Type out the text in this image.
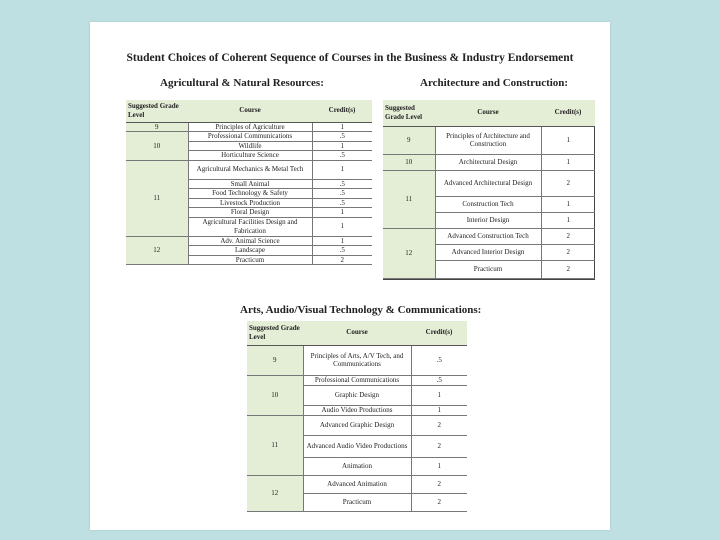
Student Choices of Coherent Sequence of Courses in the Business & Industry Endorsement
Agricultural & Natural Resources:	Architecture and Construction:
Arts, Audio/Visual Technology & Communications:
Suggested Grade Level	Course	Credit(s)
9	Principles of Agriculture	1
10	Professional Communications	.5
	Wildlife	1
	Horticulture Science	.5
11	Agricultural Mechanics & Metal Tech	1
	Small Animal	.5
	Food Technology & Safety	.5
	Livestock Production	.5
	Floral Design	1
	Agricultural Facilities Design and Fabrication	1
12	Adv. Animal Science	1
	Landscape	.5
	Practicum	2
Suggested Grade Level	Course	Credit(s)
9	Principles of Architecture and Construction	1
10	Architectural Design	1
11	Advanced Architectural Design	2
	Construction Tech	1
	Interior Design	1
12	Advanced Construction Tech	2
	Advanced Interior Design	2
	Practicum	2
Suggested Grade Level	Course	Credit(s)
9	Principles of Arts, A/V Tech, and Communications	.5
10	Professional Communications	.5
	Graphic Design	1
	Audio Video Productions	1
11	Advanced Graphic Design	2
	Advanced Audio Video Productions	2
	Animation	1
12	Advanced Animation	2
	Practicum	2
